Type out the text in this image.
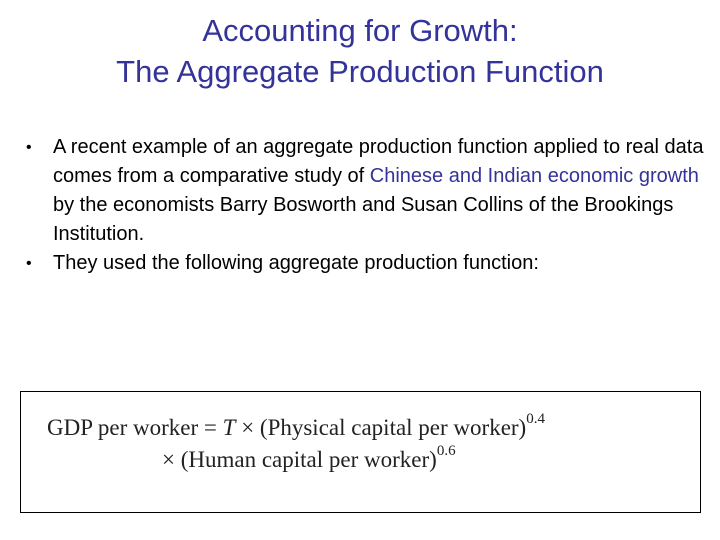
Accounting for Growth:
The Aggregate Production Function
• A recent example of an aggregate production function applied to real data comes from a comparative study of Chinese and Indian economic growth by the economists Barry Bosworth and Susan Collins of the Brookings Institution.
• They used the following aggregate production function:
GDP per worker = T × (Physical capital per worker)$^{0.4}$
× (Human capital per worker)$^{0.6}$
